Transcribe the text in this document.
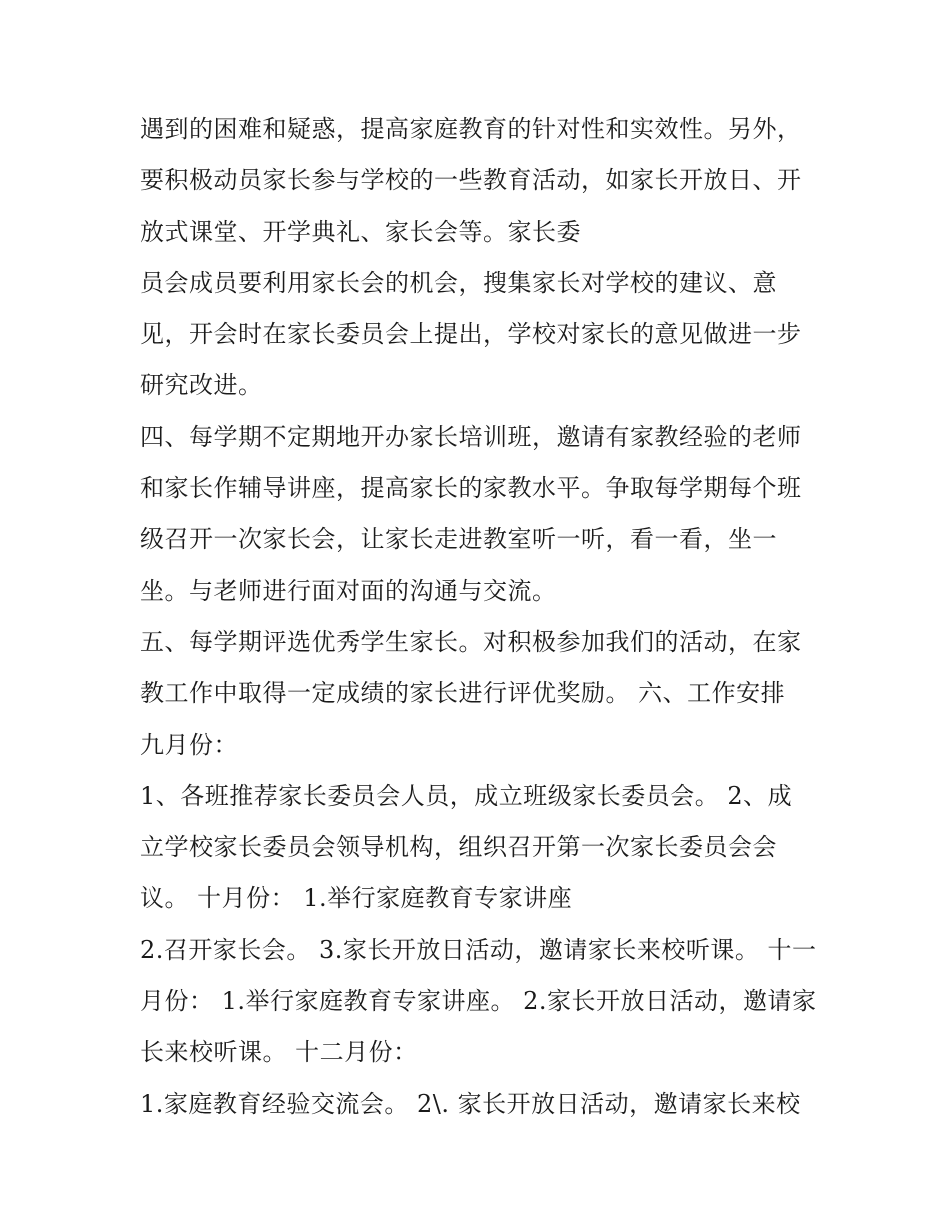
遇到的困难和疑惑，提高家庭教育的针对性和实效性。另外，
要积极动员家长参与学校的一些教育活动，如家长开放日、开
放式课堂、开学典礼、家长会等。家长委
员会成员要利用家长会的机会，搜集家长对学校的建议、意
见，开会时在家长委员会上提出，学校对家长的意见做进一步
研究改进。
四、每学期不定期地开办家长培训班，邀请有家教经验的老师
和家长作辅导讲座，提高家长的家教水平。争取每学期每个班
级召开一次家长会，让家长走进教室听一听，看一看，坐一
坐。与老师进行面对面的沟通与交流。
五、每学期评选优秀学生家长。对积极参加我们的活动，在家
教工作中取得一定成绩的家长进行评优奖励。 六、工作安排
九月份：
1、各班推荐家长委员会人员，成立班级家长委员会。 2、成
立学校家长委员会领导机构，组织召开第一次家长委员会会
议。 十月份： 1.举行家庭教育专家讲座
2.召开家长会。 3.家长开放日活动，邀请家长来校听课。 十一
月份： 1.举行家庭教育专家讲座。 2.家长开放日活动，邀请家
长来校听课。 十二月份：
1.家庭教育经验交流会。 2\. 家长开放日活动，邀请家长来校
